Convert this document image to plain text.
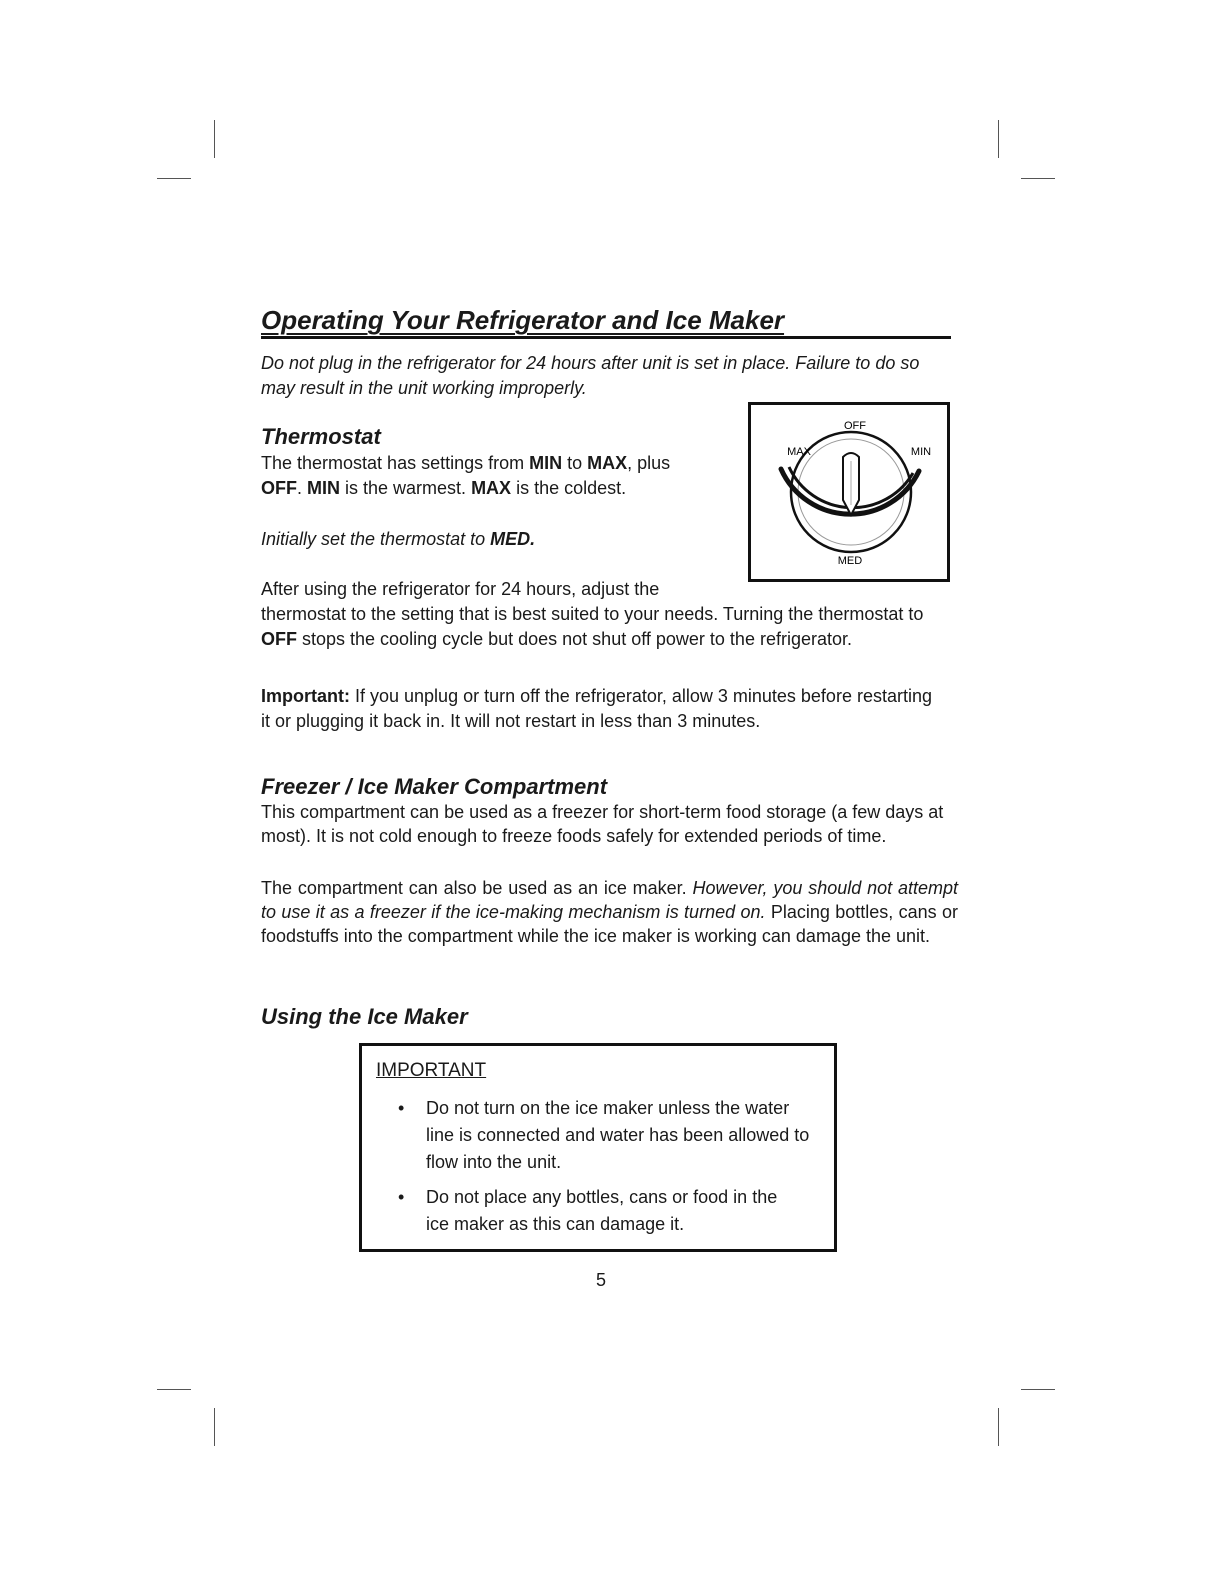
Operating Your Refrigerator and Ice Maker

Do not plug in the refrigerator for 24 hours after unit is set in place. Failure to do so may result in the unit working improperly.

Thermostat

The thermostat has settings from MIN to MAX, plus
OFF. MIN is the warmest. MAX is the coldest.

Initially set the thermostat to MED.

After using the refrigerator for 24 hours, adjust the
thermostat to the setting that is best suited to your needs. Turning the thermostat to OFF stops the cooling cycle but does not shut off power to the refrigerator.

Important: If you unplug or turn off the refrigerator, allow 3 minutes before restarting it or plugging it back in. It will not restart in less than 3 minutes.

OFF
MAX	MIN
MED
Freezer / Ice Maker Compartment

This compartment can be used as a freezer for short-term food storage (a few days at most). It is not cold enough to freeze foods safely for extended periods of time.

The compartment can also be used as an ice maker. However, you should not attempt to use it as a freezer if the ice-making mechanism is turned on. Placing bottles, cans or foodstuffs into the compartment while the ice maker is working can damage the unit.

Using the Ice Maker

IMPORTANT

• Do not turn on the ice maker unless the water line is connected and water has been allowed to flow into the unit.
• Do not place any bottles, cans or food in the ice maker as this can damage it.
5
